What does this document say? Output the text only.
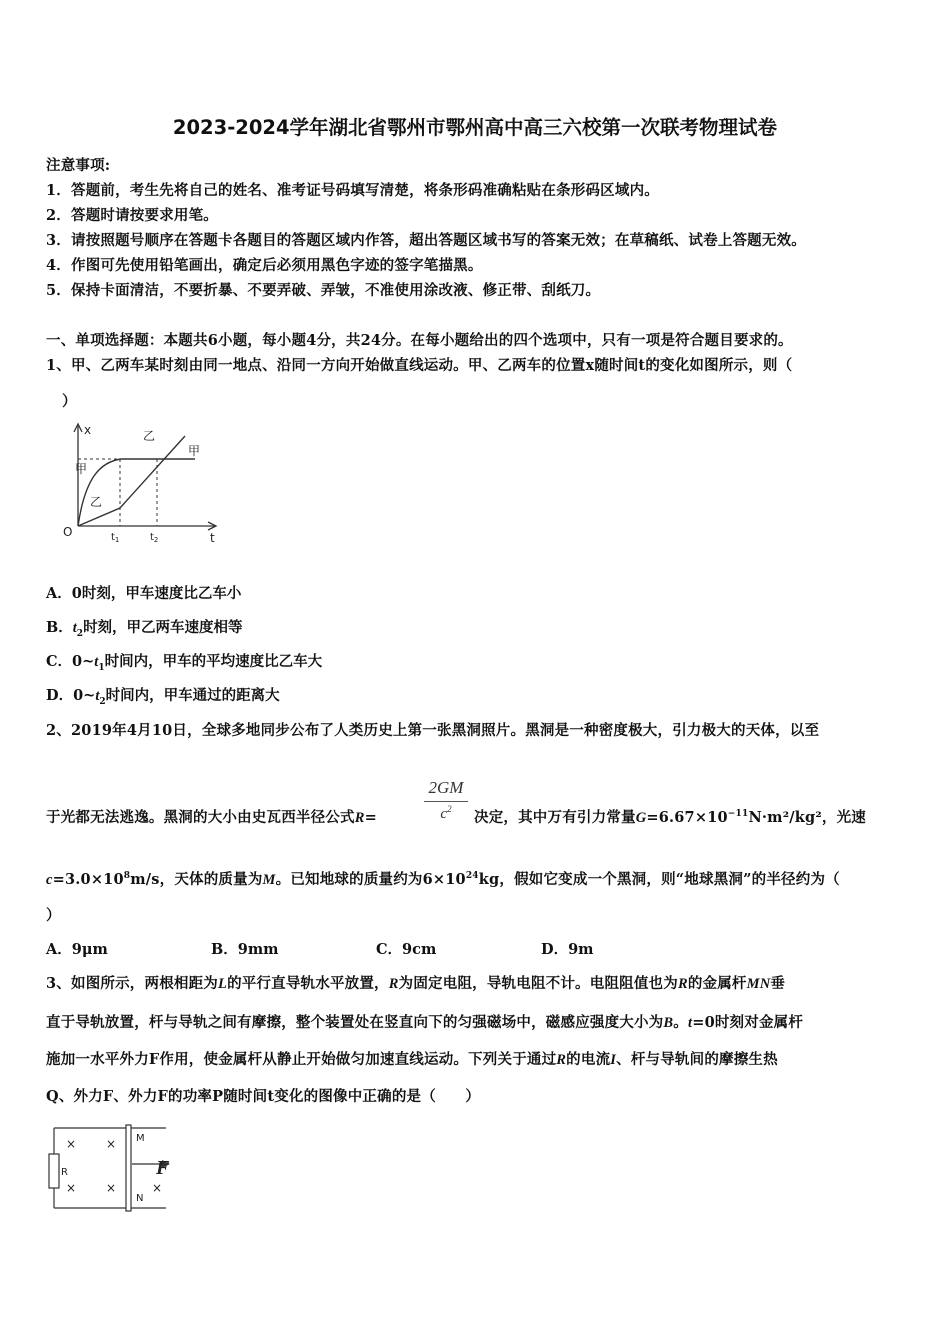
2023-2024学年湖北省鄂州市鄂州高中高三六校第一次联考物理试卷
注意事项:
1．答题前，考生先将自己的姓名、准考证号码填写清楚，将条形码准确粘贴在条形码区域内。
2．答题时请按要求用笔。
3．请按照题号顺序在答题卡各题目的答题区域内作答，超出答题区域书写的答案无效；在草稿纸、试卷上答题无效。
4．作图可先使用铅笔画出，确定后必须用黑色字迹的签字笔描黑。
5．保持卡面清洁，不要折暴、不要弄破、弄皱，不准使用涂改液、修正带、刮纸刀。
一、单项选择题：本题共6小题，每小题4分，共24分。在每小题给出的四个选项中，只有一项是符合题目要求的。
1、甲、乙两车某时刻由同一地点、沿同一方向开始做直线运动。甲、乙两车的位置x随时间t的变化如图所示，则（
）
x
t
O
乙
甲
甲
乙
$t_1$	$t_2$
A．0时刻，甲车速度比乙车小
B．$t_2$时刻，甲乙两车速度相等
C．$0\sim t_1$时间内，甲车的平均速度比乙车大
D．$0\sim t_2$时间内，甲车通过的距离大
2、2019年4月10日，全球多地同步公布了人类历史上第一张黑洞照片。黑洞是一种密度极大，引力极大的天体，以至
2GM
$c^2$
于光都无法逃逸。黑洞的大小由史瓦西半径公式R=	决定，其中万有引力常量$G=6.67\times 10^{-11}N\cdot m^2$/kg²，光速
$c=3.0\times 10^8m/s$，天体的质量为M。已知地球的质量约为$6\times 10^{24}kg$，假如它变成一个黑洞，则“地球黑洞”的半径约为（
）
A．9μm	B．9mm	C．9cm	D．9m
3、如图所示，两根相距为L的平行直导轨水平放置，R为固定电阻，导轨电阻不计。电阻阻值也为R的金属杆MN垂
直于导轨放置，杆与导轨之间有摩擦，整个装置处在竖直向下的匀强磁场中，磁感应强度大小为B。t=0时刻对金属杆
施加一水平外力F作用，使金属杆从静止开始做匀加速直线运动。下列关于通过R的电流I、杆与导轨间的摩擦生热
Q、外力F、外力F的功率P随时间t变化的图像中正确的是（　　）
R
M
N
× ×
× ×	×
F
